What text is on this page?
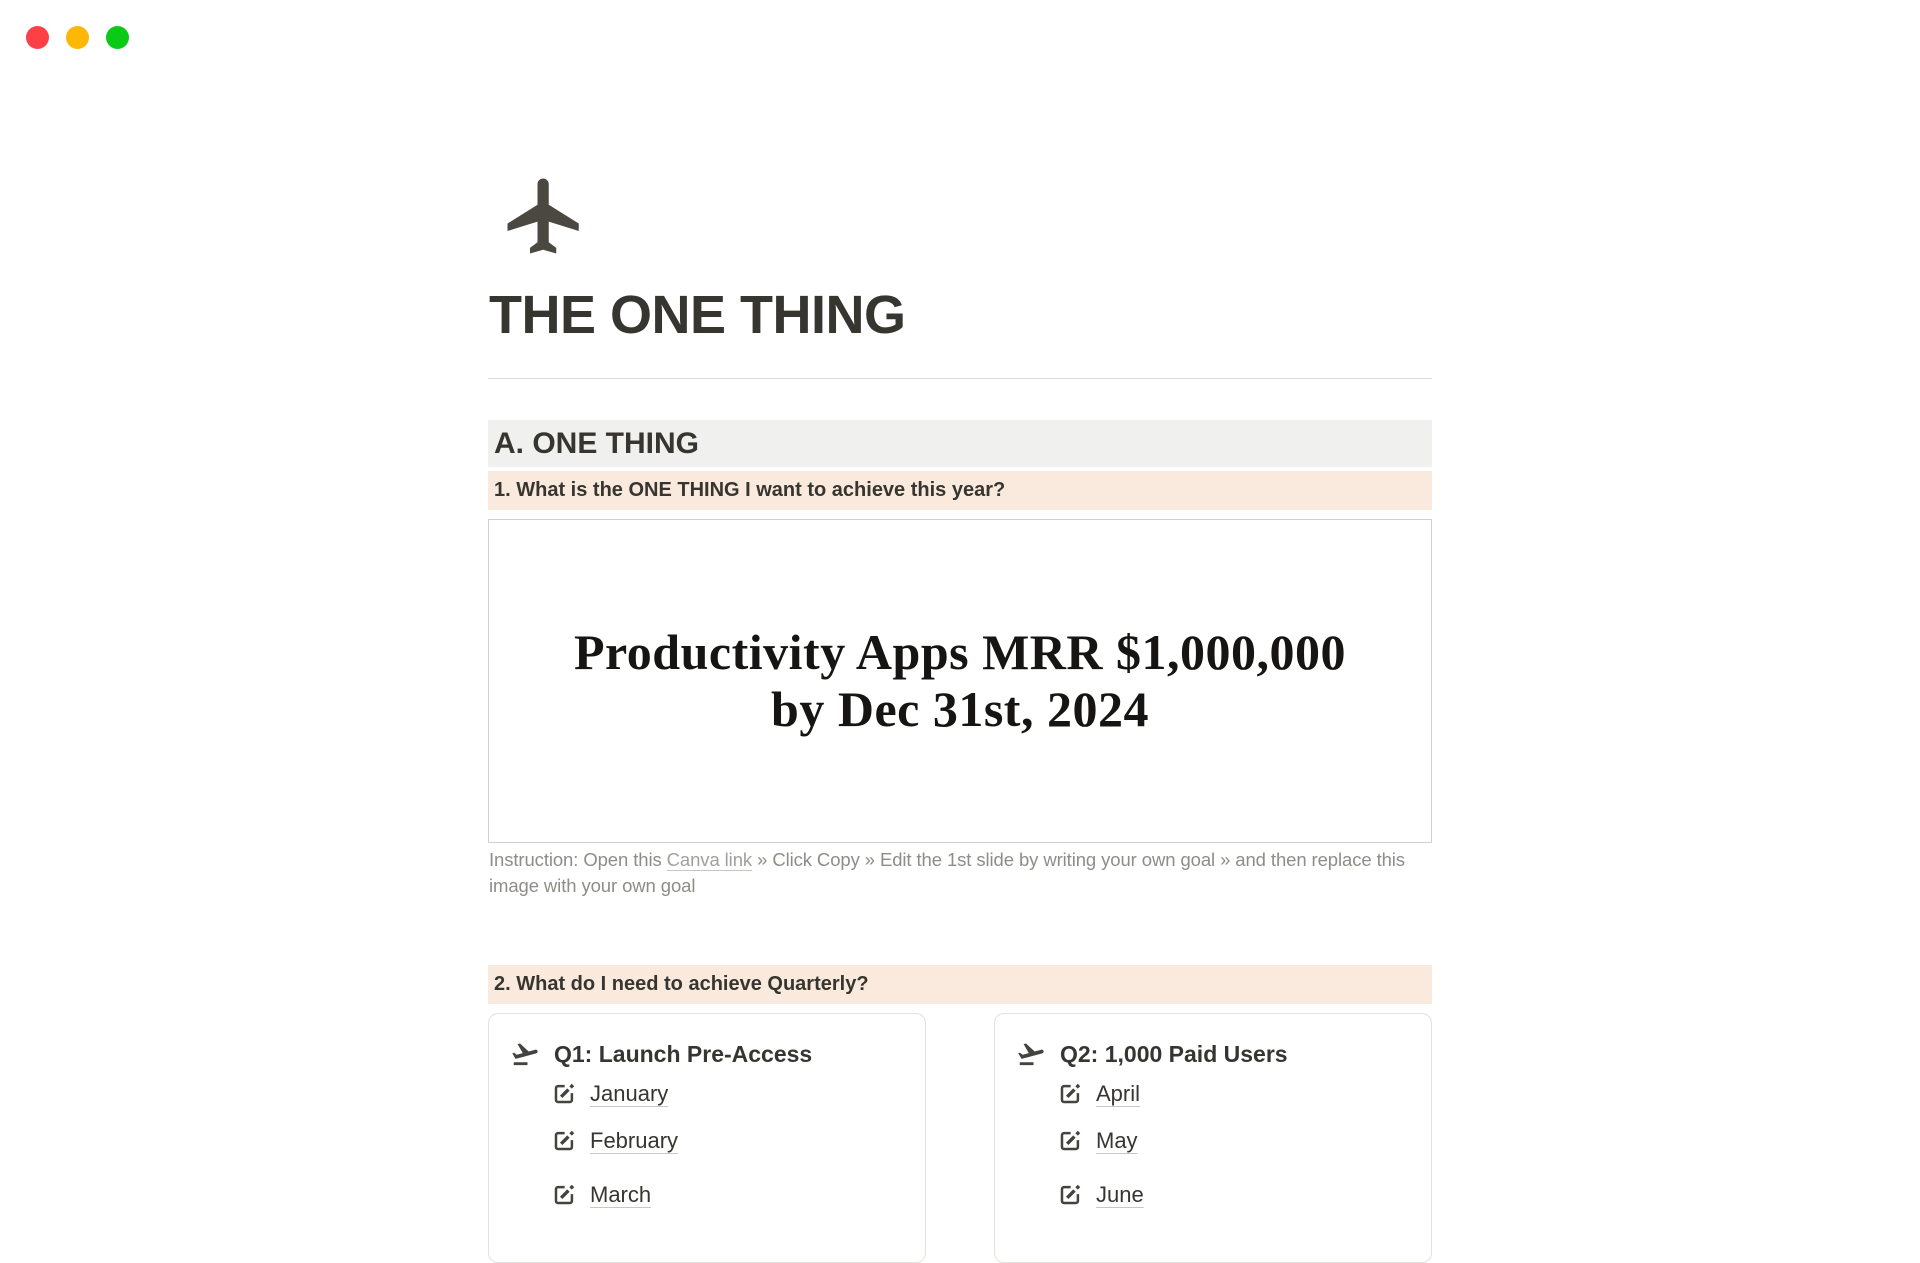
THE ONE THING
A. ONE THING
1. What is the ONE THING I want to achieve this year?
Productivity Apps MRR $1,000,000
by Dec 31st, 2024

Instruction: Open this Canva link » Click Copy » Edit the 1st slide by writing your own goal » and then replace this image with your own goal

2. What do I need to achieve Quarterly?
Q1: Launch Pre-Access
January
February
March
Q2: 1,000 Paid Users
April
May
June
